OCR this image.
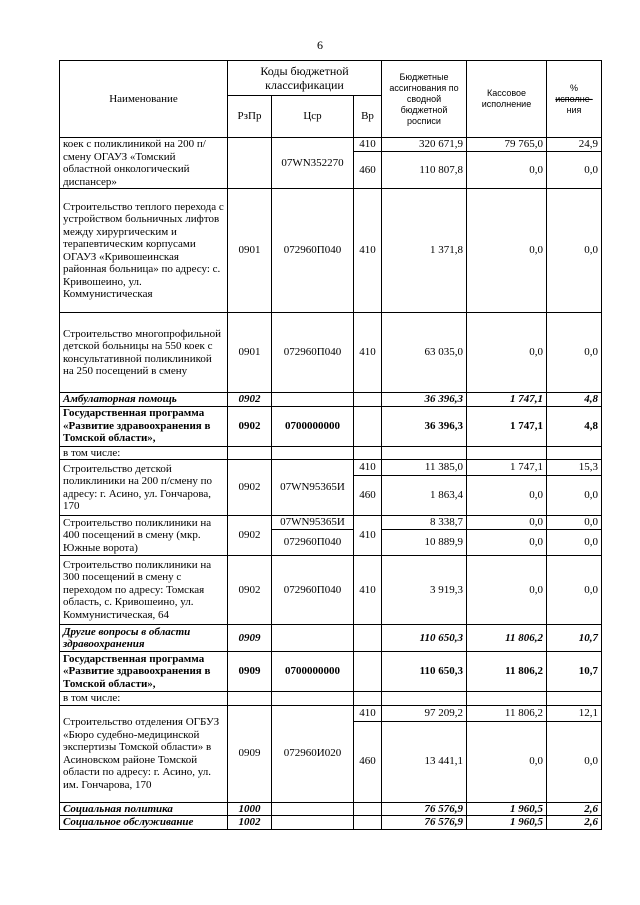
6
Наименование	Коды бюджетной классификации			Бюджетные ассигнования по сводной бюджетной росписи	Кассовое исполнение	%
исполне-
ния

	РзПр	Цср	Вр			
коек с поликлиникой на 200 п/смену ОГАУЗ «Томский областной онкологический диспансер»		07WN352270	410	320 671,9	79 765,0	24,9
			460	110 807,8	0,0	0,0
Строительство теплого перехода с устройством больничных лифтов между хирургическим и терапевтическим корпусами ОГАУЗ «Кривошеинская районная больница» по адресу: с. Кривошеино, ул. Коммунистическая	0901	072960П040	410	1 371,8	0,0	0,0
Строительство многопрофильной детской больницы на 550 коек с консультативной поликлиникой на 250 посещений в смену	0901	072960П040	410	63 035,0	0,0	0,0
Амбулаторная помощь	0902			36 396,3	1 747,1	4,8
Государственная программа «Развитие здравоохранения в Томской области»,	0902	0700000000		36 396,3	1 747,1	4,8
в том числе:						
Строительство детской поликлиники на 200 п/смену по адресу: г. Асино, ул. Гончарова, 170	0902	07WN95365И	410	11 385,0	1 747,1	15,3
			460	1 863,4	0,0	0,0
Строительство поликлиники на 400 посещений в смену (мкр. Южные ворота)	0902	07WN95365И	410	8 338,7	0,0	0,0
		072960П040		10 889,9	0,0	0,0
Строительство поликлиники на 300 посещений в смену с переходом по адресу: Томская область, с. Кривошеино, ул. Коммунистическая, 64	0902	072960П040	410	3 919,3	0,0	0,0
Другие вопросы в области здравоохранения	0909			110 650,3	11 806,2	10,7
Государственная программа «Развитие здравоохранения в Томской области»,	0909	0700000000		110 650,3	11 806,2	10,7
в том числе:						
Строительство отделения ОГБУЗ «Бюро судебно-медицинской экспертизы Томской области» в Асиновском районе Томской области по адресу: г. Асино, ул. им. Гончарова, 170	0909	072960И020	410	97 209,2	11 806,2	12,1
			460	13 441,1	0,0	0,0
Социальная политика	1000			76 576,9	1 960,5	2,6
Социальное обслуживание	1002			76 576,9	1 960,5	2,6
